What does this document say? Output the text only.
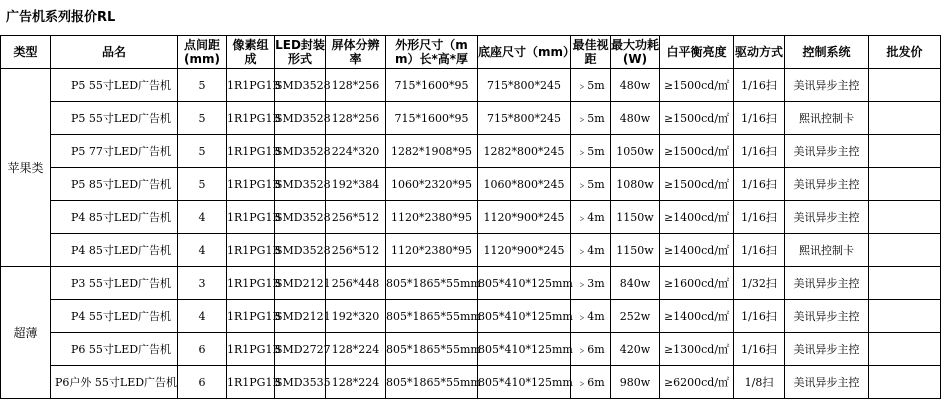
广告机系列报价RL
类型	品名	点间距(mm)	像素组成	LED封装形式	屏体分辨率	外形尺寸（mm）长*高*厚	底座尺寸（mm）	最佳视距	最大功耗(W)	白平衡亮度	驱动方式	控制系统	批发价
苹果类	P5 55寸LED广告机	5	1R1PG1B	SMD3528	128*256	715*1600*95	715*800*245	﹥5m	480w	≥1500cd/㎡	1/16扫	美讯异步主控	
	P5 55寸LED广告机	5	1R1PG1B	SMD3528	128*256	715*1600*95	715*800*245	﹥5m	480w	≥1500cd/㎡	1/16扫	熙讯控制卡	
	P5 77寸LED广告机	5	1R1PG1B	SMD3528	224*320	1282*1908*95	1282*800*245	﹥5m	1050w	≥1500cd/㎡	1/16扫	美讯异步主控	
	P5 85寸LED广告机	5	1R1PG1B	SMD3528	192*384	1060*2320*95	1060*800*245	﹥5m	1080w	≥1500cd/㎡	1/16扫	美讯异步主控	
	P4 85寸LED广告机	4	1R1PG1B	SMD3528	256*512	1120*2380*95	1120*900*245	﹥4m	1150w	≥1400cd/㎡	1/16扫	美讯异步主控	
	P4 85寸LED广告机	4	1R1PG1B	SMD3528	256*512	1120*2380*95	1120*900*245	﹥4m	1150w	≥1400cd/㎡	1/16扫	熙讯控制卡	
超薄	P3 55寸LED广告机	3	1R1PG1B	SMD2121	256*448	805*1865*55mm	805*410*125mm	﹥3m	840w	≥1600cd/㎡	1/32扫	美讯异步主控	
	P4 55寸LED广告机	4	1R1PG1B	SMD2121	192*320	805*1865*55mm	805*410*125mm	﹥4m	252w	≥1400cd/㎡	1/16扫	美讯异步主控	
	P6 55寸LED广告机	6	1R1PG1B	SMD2727	128*224	805*1865*55mm	805*410*125mm	﹥6m	420w	≥1300cd/㎡	1/16扫	美讯异步主控	
	P6户外 55寸LED广告机	6	1R1PG1B	SMD3535	128*224	805*1865*55mm	805*410*125mm	﹥6m	980w	≥6200cd/㎡	1/8扫	美讯异步主控	
